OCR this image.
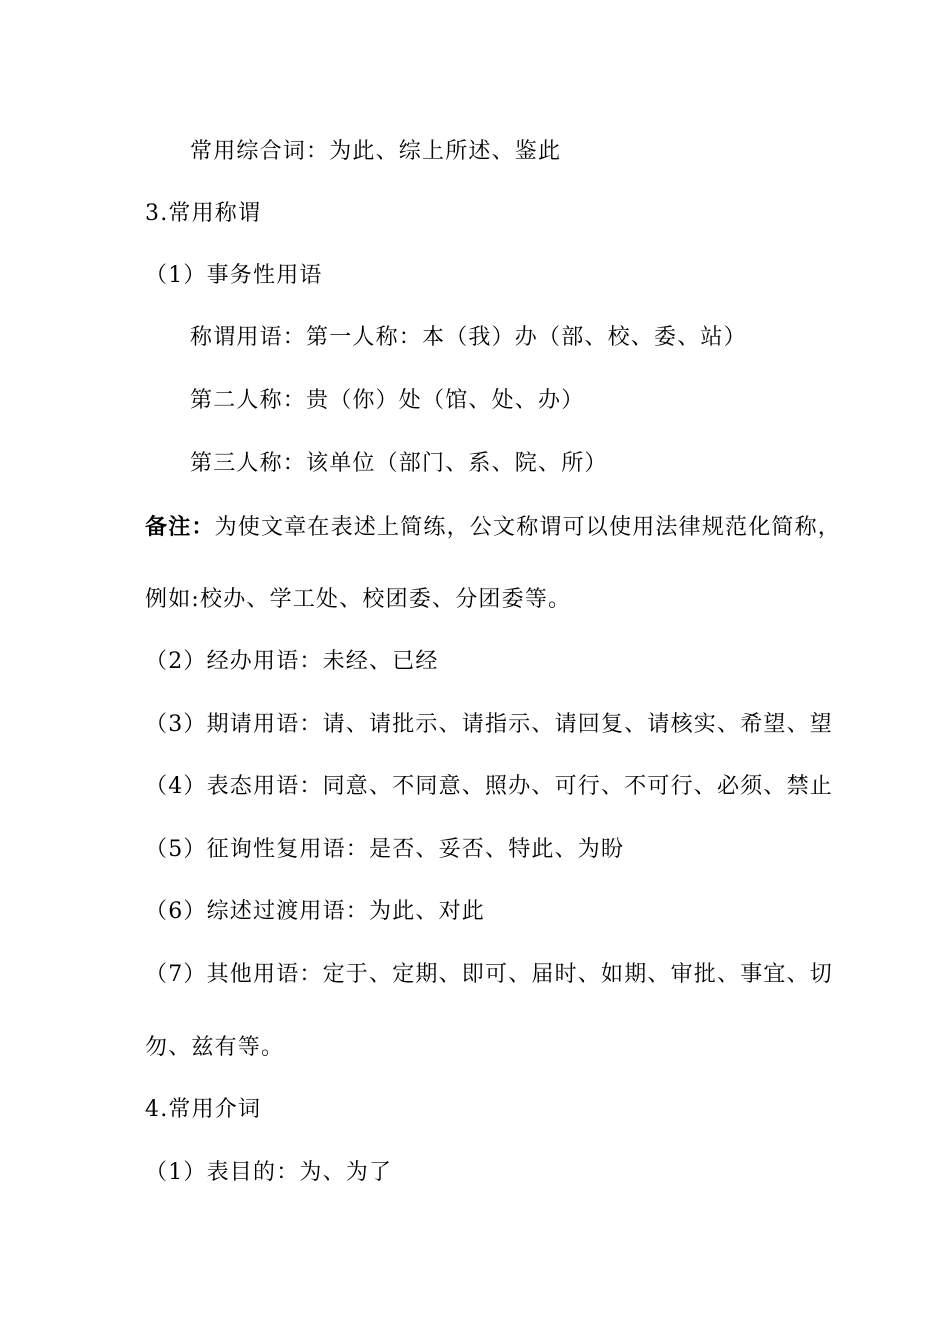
常用综合词：为此、综上所述、鉴此
3.常用称谓
（1）事务性用语
称谓用语：第一人称：本（我）办（部、校、委、站）
第二人称：贵（你）处（馆、处、办）
第三人称：该单位（部门、系、院、所）
备注：为使文章在表述上简练，公文称谓可以使用法律规范化简称，
例如:校办、学工处、校团委、分团委等。
（2）经办用语：未经、已经
（3）期请用语：请、请批示、请指示、请回复、请核实、希望、望
（4）表态用语：同意、不同意、照办、可行、不可行、必须、禁止
（5）征询性复用语：是否、妥否、特此、为盼
（6）综述过渡用语：为此、对此
（7）其他用语：定于、定期、即可、届时、如期、审批、事宜、切
勿、兹有等。
4.常用介词
（1）表目的：为、为了
